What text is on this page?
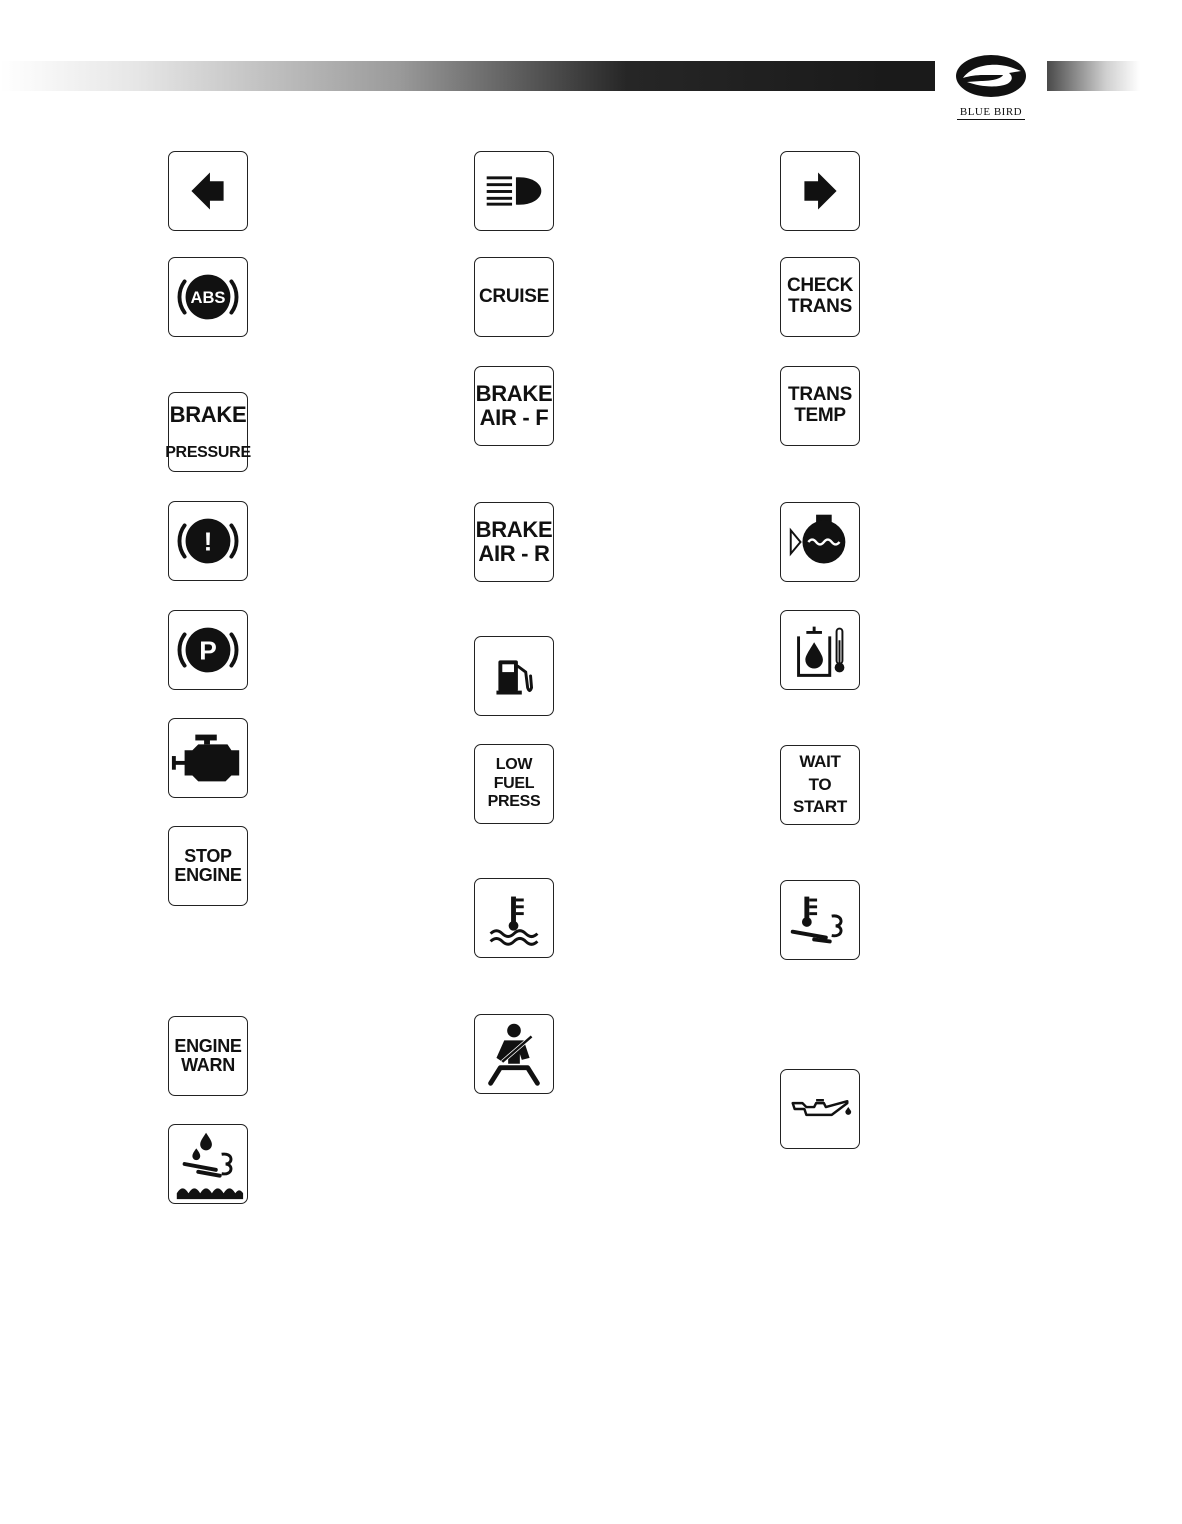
BLUE BIRD
ABS

BRAKE

PRESSURE

!
P
STOP
ENGINE
ENGINE
WARN
CRUISE
BRAKE
AIR - F
BRAKE
AIR - R
LOW
FUEL
PRESS
CHECK
TRANS
TRANS
TEMP
WAIT
TO
START
